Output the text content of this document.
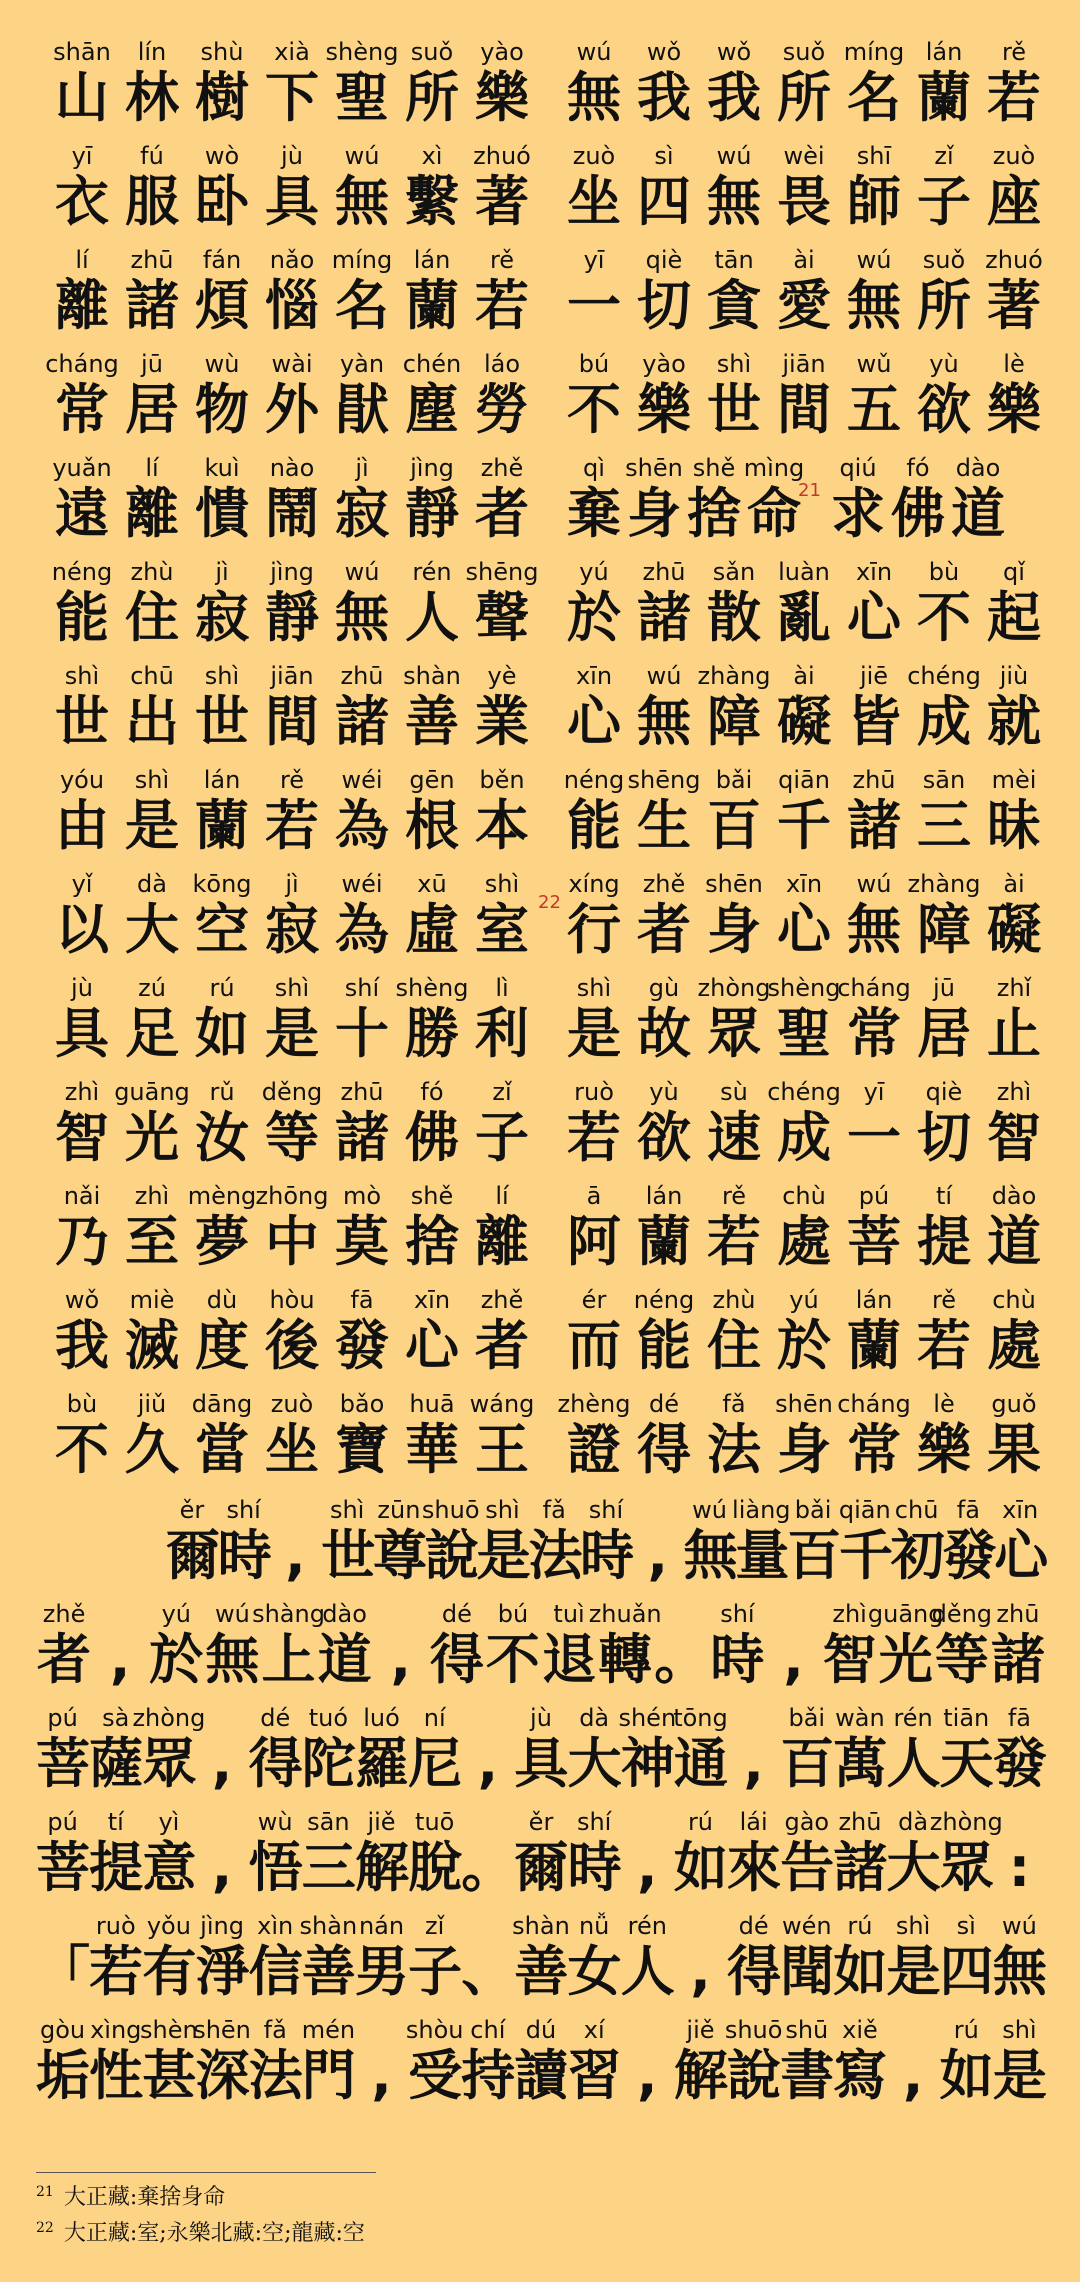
shān
山
lín
林
shù
樹
xià
下
shèng
聖
suǒ
所
yào
樂
wú
無
wǒ
我
wǒ
我
suǒ
所
míng
名
lán
蘭
rě
若
yī
衣
fú
服
wò
卧
jù
具
wú
無
xì
繫
zhuó
著
zuò
坐
sì
四
wú
無
wèi
畏
shī
師
zǐ
子
zuò
座
lí
離
zhū
諸
fán
煩
nǎo
惱
míng
名
lán
蘭
rě
若
yī
一
qiè
切
tān
貪
ài
愛
wú
無
suǒ
所
zhuó
著
cháng
常
jū
居
wù
物
wài
外
yàn
猒
chén
塵
láo
勞
bú
不
yào
樂
shì
世
jiān
間
wǔ
五
yù
欲
lè
樂
yuǎn
遠
lí
離
kuì
憒
nào
鬧
jì
寂
jìng
靜
zhě
者
qì
棄
shēn
身
shě
捨
mìng
命
21
qiú
求
fó
佛
dào
道
néng
能
zhù
住
jì
寂
jìng
靜
wú
無
rén
人
shēng
聲
yú
於
zhū
諸
sǎn
散
luàn
亂
xīn
心
bù
不
qǐ
起
shì
世
chū
出
shì
世
jiān
間
zhū
諸
shàn
善
yè
業
xīn
心
wú
無
zhàng
障
ài
礙
jiē
皆
chéng
成
jiù
就
yóu
由
shì
是
lán
蘭
rě
若
wéi
為
gēn
根
běn
本
néng
能
shēng
生
bǎi
百
qiān
千
zhū
諸
sān
三
mèi
昧
yǐ
以
dà
大
kōng
空
jì
寂
wéi
為
xū
虛
shì
室 22
xíng
行
zhě
者
shēn
身
xīn
心
wú
無
zhàng
障
ài
礙
jù
具
zú
足
rú
如
shì
是
shí
十
shèng
勝
lì
利
shì
是
gù
故
zhòng
眾
shèng
聖
cháng
常
jū
居
zhǐ
止
zhì
智
guāng
光
rǔ
汝
děng
等
zhū
諸
fó
佛
zǐ
子
ruò
若
yù
欲
sù
速
chéng
成
yī
一
qiè
切
zhì
智
nǎi
乃
zhì
至
mèng
夢
zhōng
中
mò
莫
shě
捨
lí
離
ā
阿
lán
蘭
rě
若
chù
處
pú
菩
tí
提
dào
道
wǒ
我
miè
滅
dù
度
hòu
後
fā
發
xīn
心
zhě
者
ér
而
néng
能
zhù
住
yú
於
lán
蘭
rě
若
chù
處
bù
不
jiǔ
久
dāng
當
zuò
坐
bǎo
寶
huā
華
wáng
王
zhèng
證
dé
得
fǎ
法
shēn
身
cháng
常
lè
樂
guǒ
果
ěr
爾
shí
時 ,
shì
世
zūn
尊
shuō
說
shì
是
fǎ
法
shí
時 ,
wú
無
liàng
量
bǎi
百
qiān
千
chū
初
fā
發
xīn
心
zhě
者 ,
yú
於
wú
無
shàng
上
dào
道 ,
dé
得
bú
不
tuì
退
zhuǎn
轉 。
shí
時 ,
zhì
智
guāng
光
děng
等
zhū
諸
pú
菩
sà
薩
zhòng
眾 ,
dé
得
tuó
陀
luó
羅
ní
尼 ,
jù
具
dà
大
shén
神
tōng
通 ,
bǎi
百
wàn
萬
rén
人
tiān
天
fā
發
pú
菩
tí
提
yì
意 ,
wù
悟
sān
三
jiě
解
tuō
脫 。
ěr
爾
shí
時 ,
rú
如
lái
來
gào
告
zhū
諸
dà
大
zhòng
眾 :
「
ruò
若
yǒu
有
jìng
淨
xìn
信
shàn
善
nán
男
zǐ
子 、
shàn
善
nǚ
女
rén
人 ,
dé
得
wén
聞
rú
如
shì
是
sì
四
wú
無
gòu
垢
xìng
性
shèn
甚
shēn
深
fǎ
法
mén
門 ,
shòu
受
chí
持
dú
讀
xí
習 ,
jiě
解
shuō
說
shū
書
xiě
寫 ,
rú
如
shì
是
$^{21}$ 大正藏:棄捨身命
$^{22}$ 大正藏:室;永樂北藏:空;龍藏:空
